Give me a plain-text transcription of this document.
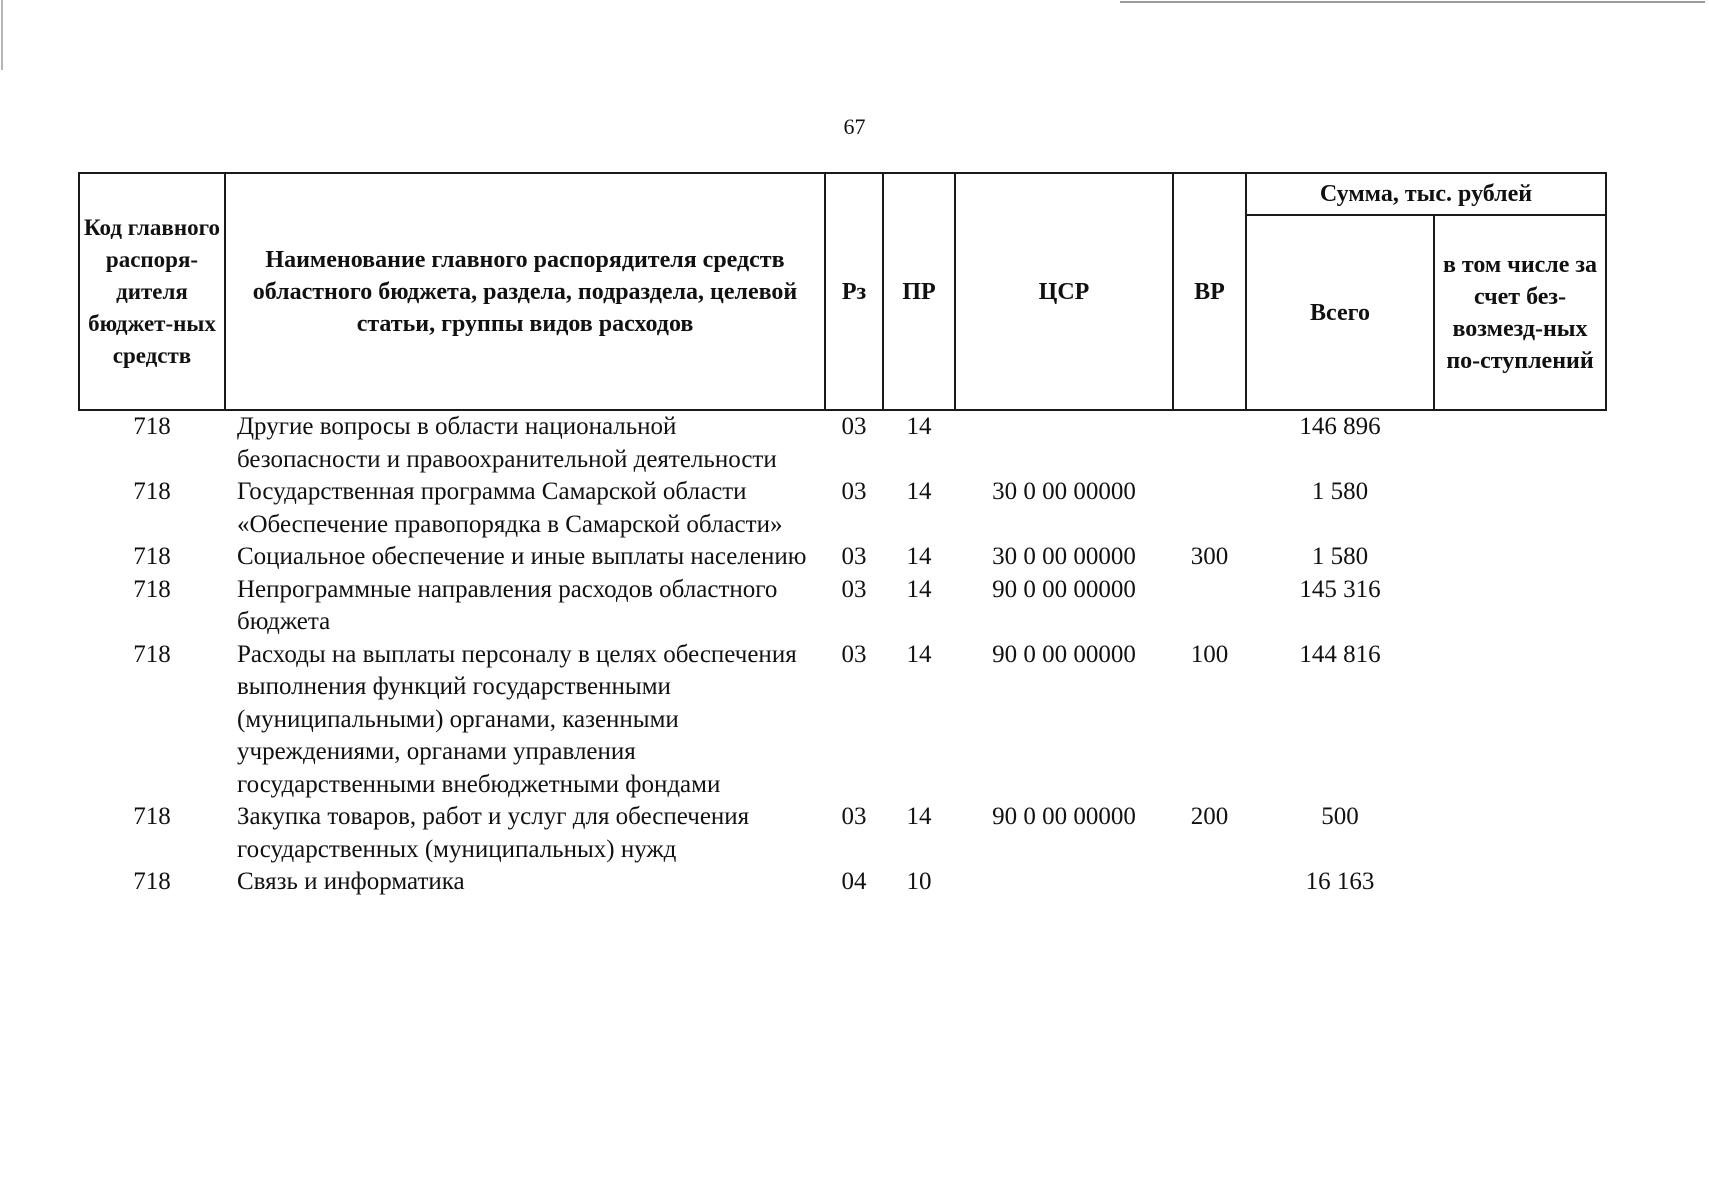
67
Код главного распоря-дителя бюджет-ных средств	Наименование главного распорядителя средств областного бюджета, раздела, подраздела, целевой статьи, группы видов расходов	Рз	ПР	ЦСР	ВР	Сумма, тыс. рублей	
						Всего	в том числе за счет без-возмезд-ных по-ступлений
718	Другие вопросы в области национальной безопасности и правоохранительной деятельности	03	14			146 896	
718	Государственная программа Самарской области «Обеспечение правопорядка в Самарской области»	03	14	30 0 00 00000		1 580	
718	Социальное обеспечение и иные выплаты населению	03	14	30 0 00 00000	300	1 580	
718	Непрограммные направления расходов областного бюджета	03	14	90 0 00 00000		145 316	
718	Расходы на выплаты персоналу в целях обеспечения выполнения функций государственными (муниципальными) органами, казенными учреждениями, органами управления государственными внебюджетными фондами	03	14	90 0 00 00000	100	144 816	
718	Закупка товаров, работ и услуг для обеспечения государственных (муниципальных) нужд	03	14	90 0 00 00000	200	500	
718	Связь и информатика	04	10			16 163	
